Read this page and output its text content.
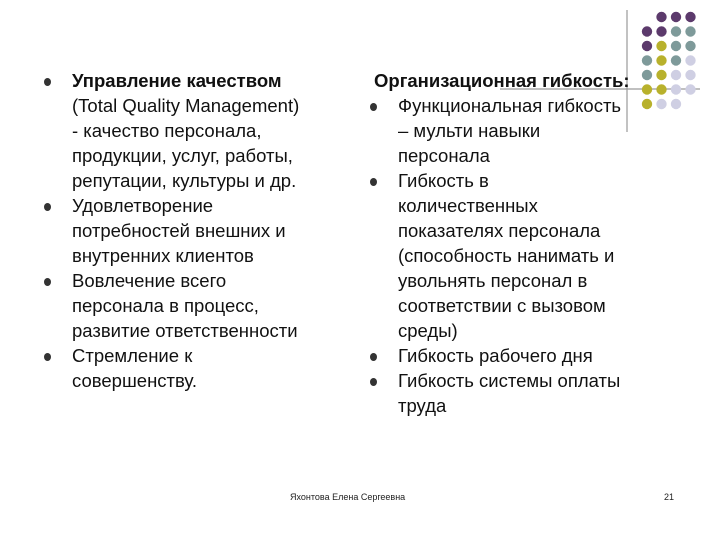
Управление качеством
(Total Quality Management)
- качество персонала,
продукции, услуг, работы,
репутации, культуры и др.
Удовлетворение
потребностей внешних и
внутренних клиентов
Вовлечение всего
персонала в процесс,
развитие ответственности
Стремление к
совершенству.
Организационная гибкость:
Функциональная гибкость
– мульти навыки
персонала
Гибкость в
количественных
показателях персонала
(способность нанимать и
увольнять персонал в
соответствии с вызовом
среды)
Гибкость рабочего дня
Гибкость системы оплаты
труда
Яхонтова Елена Сергеевна	21
